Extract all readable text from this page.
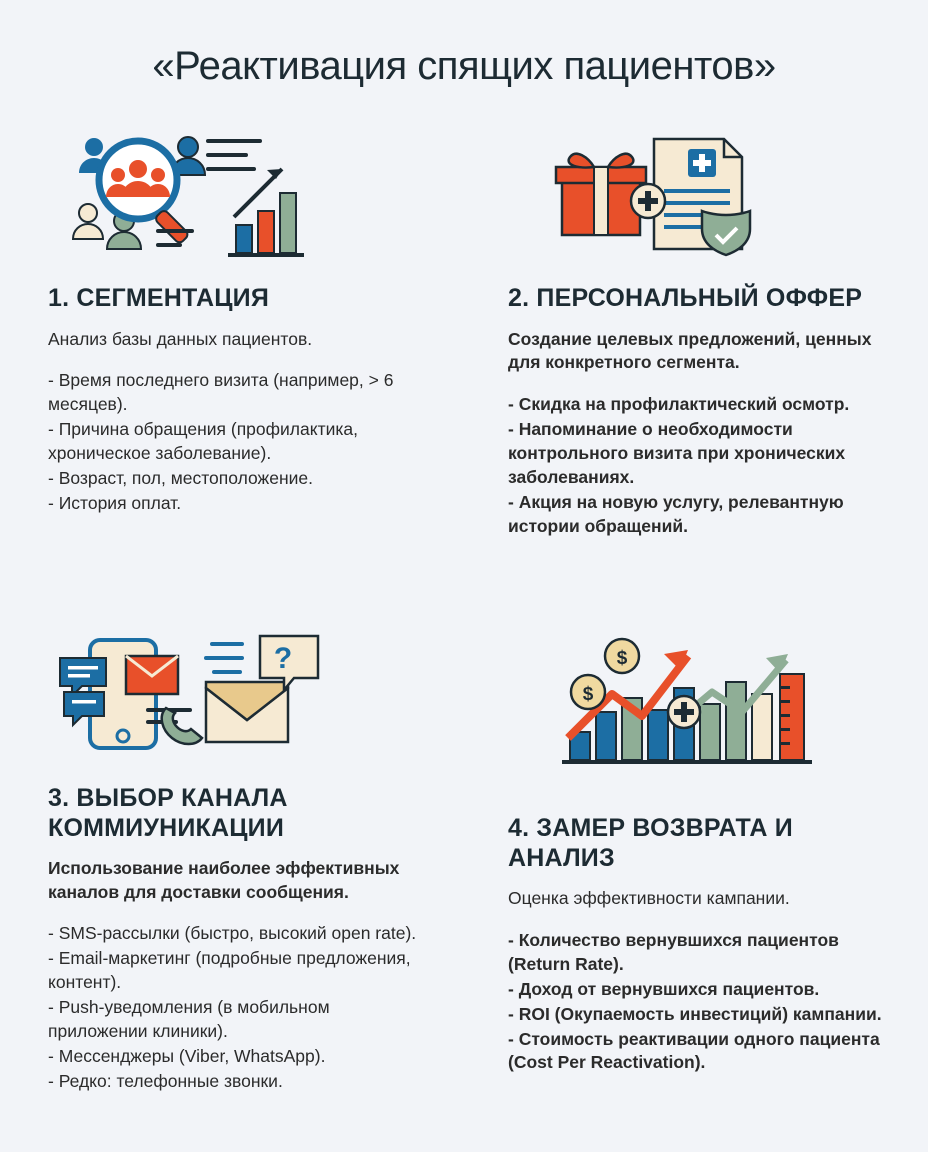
«Реактивация спящих пациентов»
1. СЕГМЕНТАЦИЯ

Анализ базы данных пациентов.

- Время последнего визита (например, > 6 месяцев).
- Причина обращения (профилактика, хроническое заболевание).
- Возраст, пол, местоположение.
- История оплат.
2. ПЕРСОНАЛЬНЫЙ ОФФЕР

Создание целевых предложений, ценных для конкретного сегмента.

- Скидка на профилактический осмотр.
- Напоминание о необходимости контрольного визита при хронических заболеваниях.
- Акция на новую услугу, релевантную истории обращений.
?
3. ВЫБОР КАНАЛА КОММИУНИКАЦИИ

Использование наиболее эффективных каналов для доставки сообщения.

- SMS-рассылки (быстро, высокий open rate).
- Email-маркетинг (подробные предложения, контент).
- Push-уведомления (в мобильном приложении клиники).
- Мессенджеры (Viber, WhatsApp).
- Редко: телефонные звонки.
$
$
4. ЗАМЕР ВОЗВРАТА И АНАЛИЗ

Оценка эффективности кампании.

- Количество вернувшихся пациентов (Return Rate).
- Доход от вернувшихся пациентов.
- ROI (Окупаемость инвестиций) кампании.
- Стоимость реактивации одного пациента (Cost Per Reactivation).
